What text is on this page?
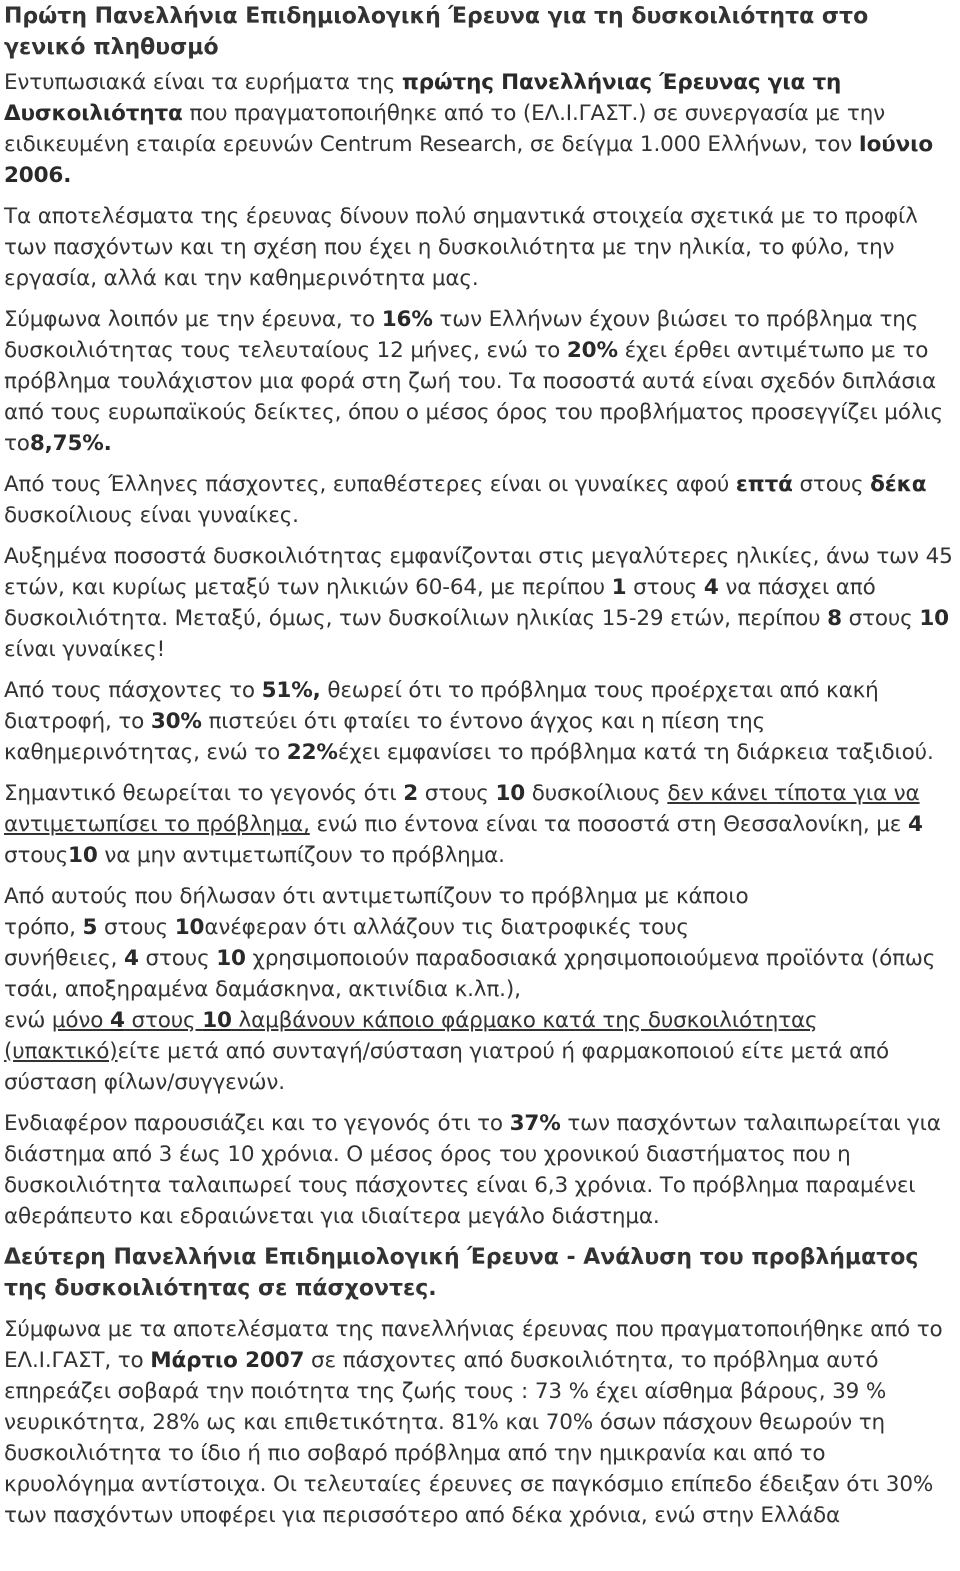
Πρώτη Πανελλήνια Επιδημιολογική Έρευνα για τη δυσκοιλιότητα στο γενικό πληθυσμό

Εντυπωσιακά είναι τα ευρήματα της πρώτης Πανελλήνιας Έρευνας για τη Δυσκοιλιότητα που πραγματοποιήθηκε από το (ΕΛ.Ι.ΓΑΣΤ.) σε συνεργασία με την ειδικευμένη εταιρία ερευνών Centrum Research, σε δείγμα 1.000 Ελλήνων, τον Ιούνιο 2006.

Τα αποτελέσματα της έρευνας δίνουν πολύ σημαντικά στοιχεία σχετικά με το προφίλ των πασχόντων και τη σχέση που έχει η δυσκοιλιότητα με την ηλικία, το φύλο, την εργασία, αλλά και την καθημερινότητα μας.

Σύμφωνα λοιπόν με την έρευνα, το 16% των Ελλήνων έχουν βιώσει το πρόβλημα της δυσκοιλιότητας τους τελευταίους 12 μήνες, ενώ το 20% έχει έρθει αντιμέτωπο με το πρόβλημα τουλάχιστον μια φορά στη ζωή του. Τα ποσοστά αυτά είναι σχεδόν διπλάσια από τους ευρωπαϊκούς δείκτες, όπου ο μέσος όρος του προβλήματος προσεγγίζει μόλις το8,75%.

Από τους Έλληνες πάσχοντες, ευπαθέστερες είναι οι γυναίκες αφού επτά στους δέκα δυσκοίλιους είναι γυναίκες.

Αυξημένα ποσοστά δυσκοιλιότητας εμφανίζονται στις μεγαλύτερες ηλικίες, άνω των 45 ετών, και κυρίως μεταξύ των ηλικιών 60-64, με περίπου 1 στους 4 να πάσχει από δυσκοιλιότητα. Μεταξύ, όμως, των δυσκοίλιων ηλικίας 15-29 ετών, περίπου 8 στους 10 είναι γυναίκες!

Από τους πάσχοντες το 51%, θεωρεί ότι το πρόβλημα τους προέρχεται από κακή διατροφή, το 30% πιστεύει ότι φταίει το έντονο άγχος και η πίεση της καθημερινότητας, ενώ το 22%έχει εμφανίσει το πρόβλημα κατά τη διάρκεια ταξιδιού.

Σημαντικό θεωρείται το γεγονός ότι 2 στους 10 δυσκοίλιους δεν κάνει τίποτα για να αντιμετωπίσει το πρόβλημα, ενώ πιο έντονα είναι τα ποσοστά στη Θεσσαλονίκη, με 4 στους10 να μην αντιμετωπίζουν το πρόβλημα.

Από αυτούς που δήλωσαν ότι αντιμετωπίζουν το πρόβλημα με κάποιο
τρόπο, 5 στους 10ανέφεραν ότι αλλάζουν τις διατροφικές τους
συνήθειες, 4 στους 10 χρησιμοποιούν παραδοσιακά χρησιμοποιούμενα προϊόντα (όπως τσάι, αποξηραμένα δαμάσκηνα, ακτινίδια κ.λπ.),
ενώ μόνο 4 στους 10 λαμβάνουν κάποιο φάρμακο κατά της δυσκοιλιότητας (υπακτικό)είτε μετά από συνταγή/σύσταση γιατρού ή φαρμακοποιού είτε μετά από σύσταση φίλων/συγγενών.

Ενδιαφέρον παρουσιάζει και το γεγονός ότι το 37% των πασχόντων ταλαιπωρείται για διάστημα από 3 έως 10 χρόνια. Ο μέσος όρος του χρονικού διαστήματος που η δυσκοιλιότητα ταλαιπωρεί τους πάσχοντες είναι 6,3 χρόνια. Το πρόβλημα παραμένει αθεράπευτο και εδραιώνεται για ιδιαίτερα μεγάλο διάστημα.

Δεύτερη Πανελλήνια Επιδημιολογική Έρευνα - Ανάλυση του προβλήματος της δυσκοιλιότητας σε πάσχοντες.

Σύμφωνα με τα αποτελέσματα της πανελλήνιας έρευνας που πραγματοποιήθηκε από το ΕΛ.Ι.ΓΑΣΤ, το Μάρτιο 2007 σε πάσχοντες από δυσκοιλιότητα, το πρόβλημα αυτό επηρεάζει σοβαρά την ποιότητα της ζωής τους : 73 % έχει αίσθημα βάρους, 39 % νευρικότητα, 28% ως και επιθετικότητα. 81% και 70% όσων πάσχουν θεωρούν τη δυσκοιλιότητα το ίδιο ή πιο σοβαρό πρόβλημα από την ημικρανία και από το κρυολόγημα αντίστοιχα. Οι τελευταίες έρευνες σε παγκόσμιο επίπεδο έδειξαν ότι 30% των πασχόντων υποφέρει για περισσότερο από δέκα χρόνια, ενώ στην Ελλάδα
